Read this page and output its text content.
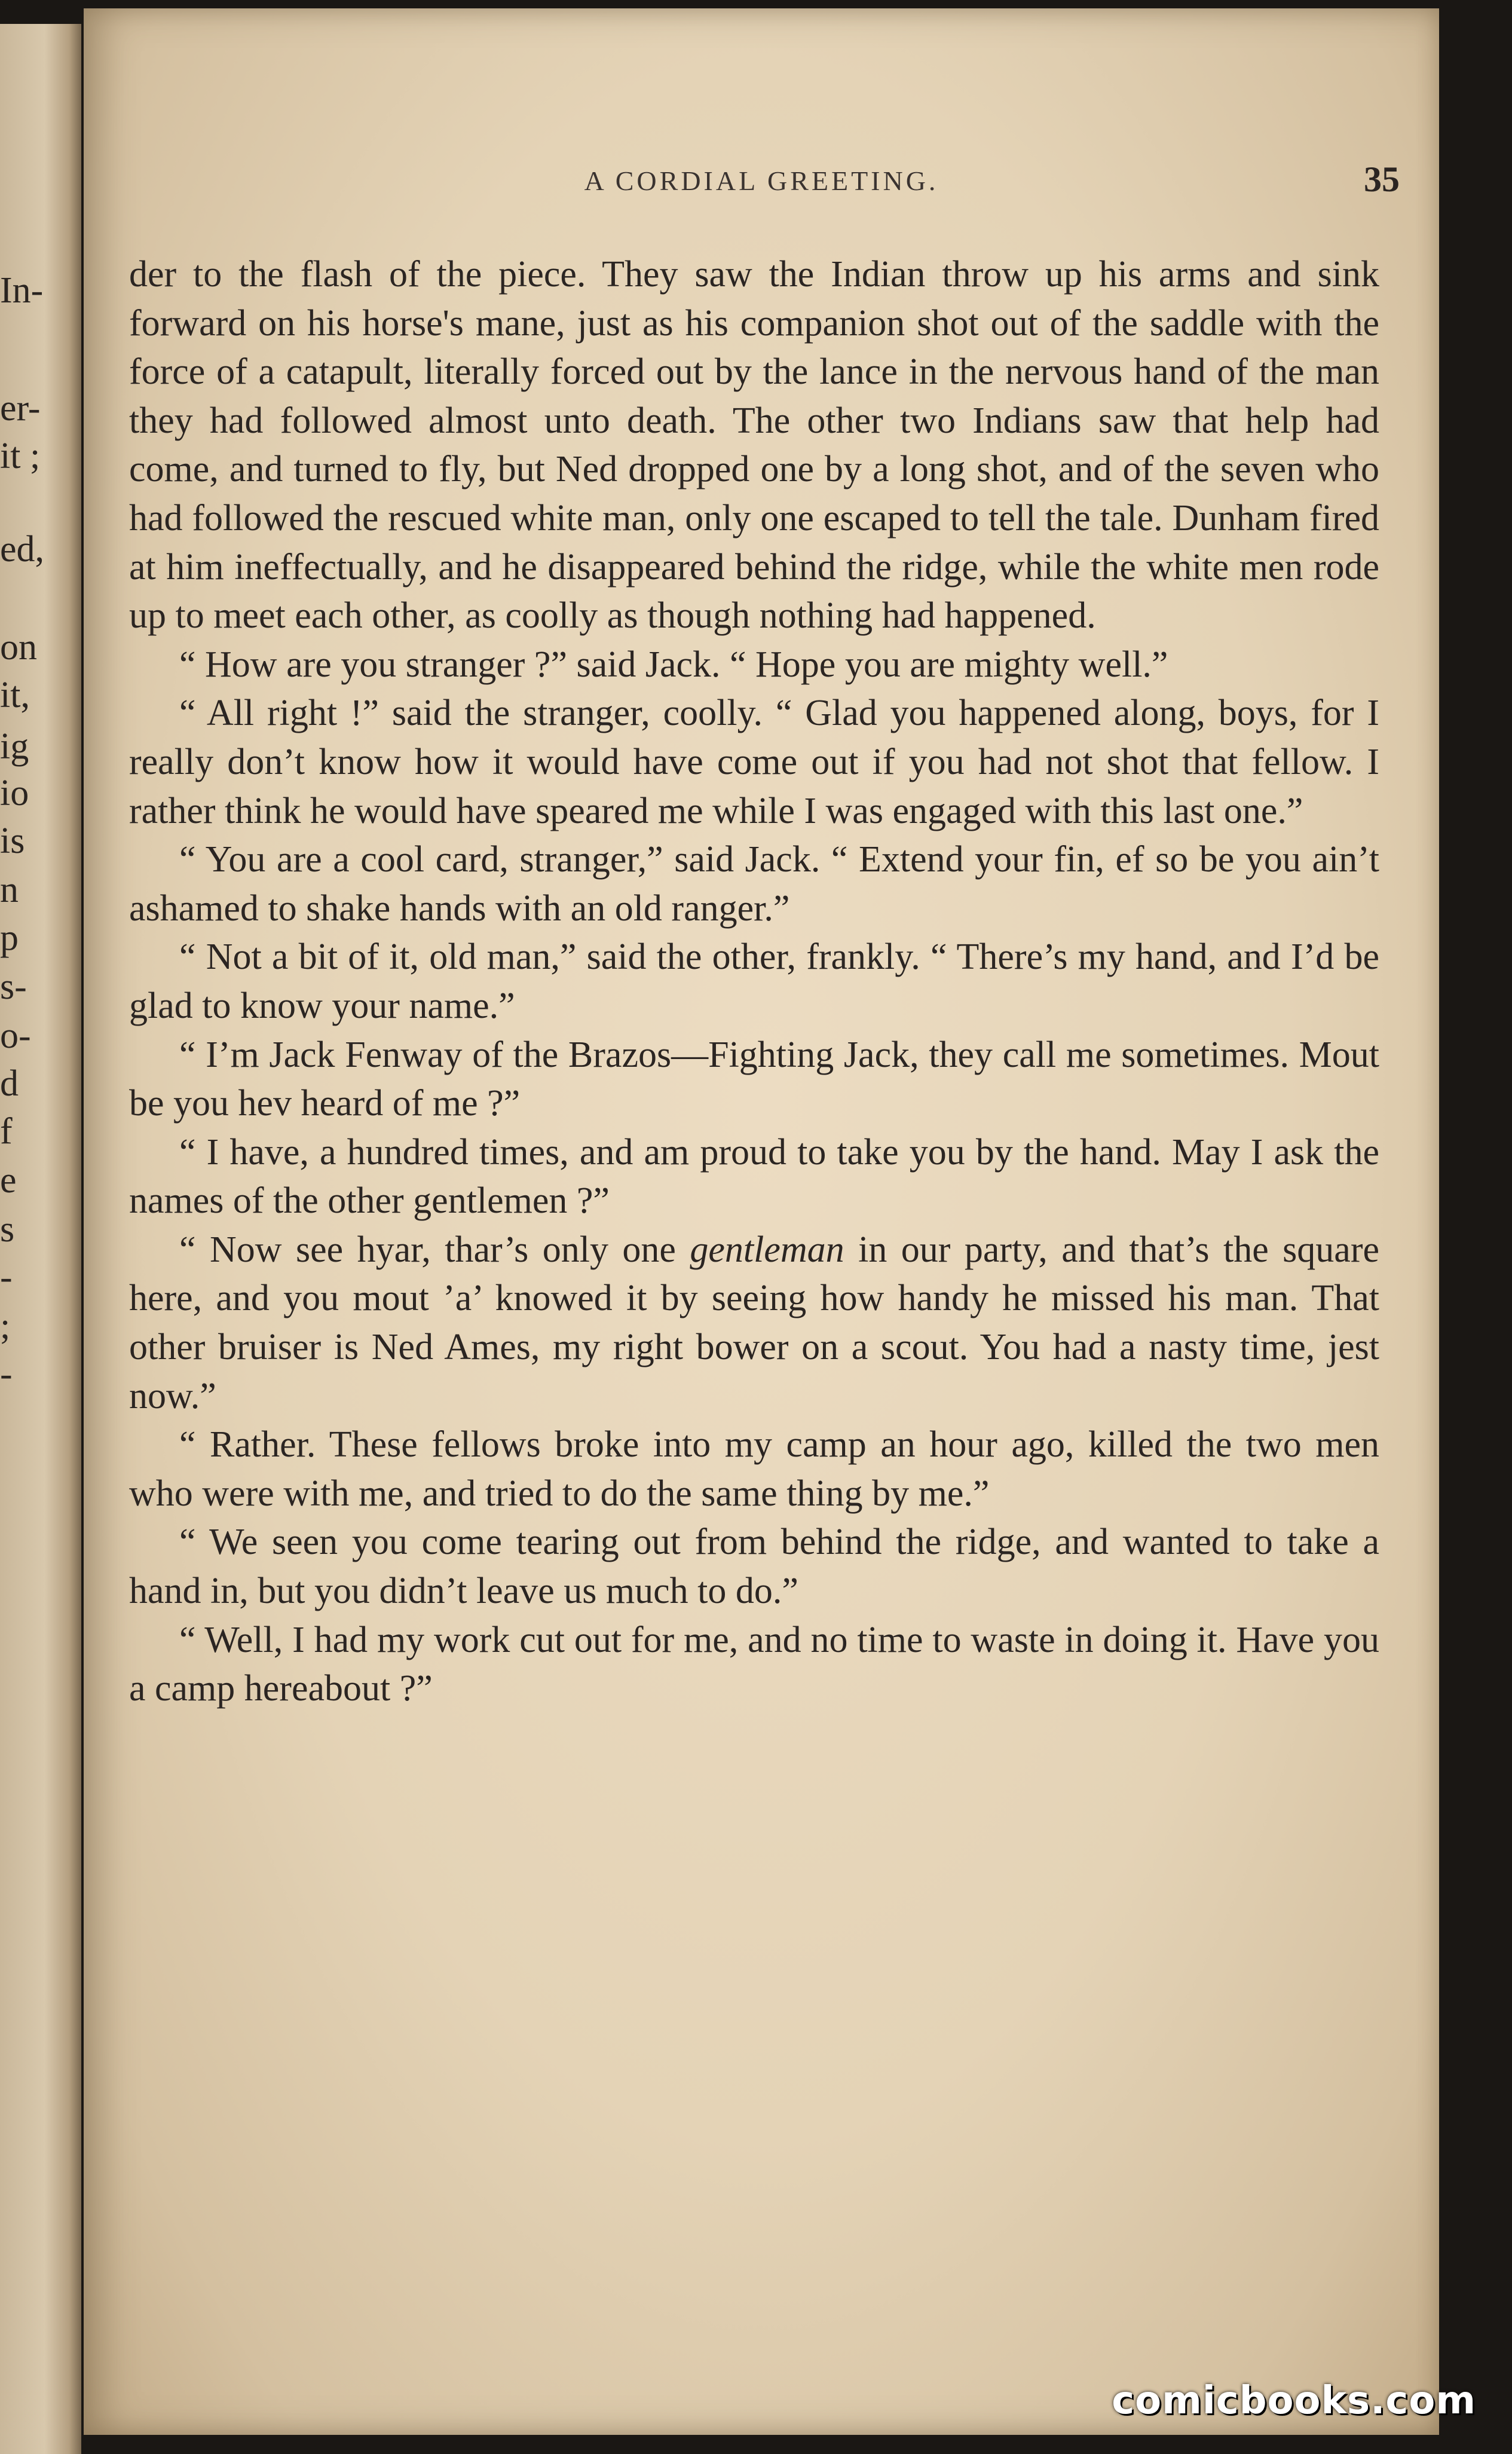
In-
er-
it ;
ed,
on
it,
ig
io
is
n
p
s-
o-
d
f
e
s
-
;
-
A CORDIAL GREETING.	35

der to the flash of the piece. They saw the Indian throw up his arms and sink forward on his horse's mane, just as his companion shot out of the saddle with the force of a catapult, literally forced out by the lance in the nervous hand of the man they had followed almost unto death. The other two Indians saw that help had come, and turned to fly, but Ned dropped one by a long shot, and of the seven who had followed the rescued white man, only one escaped to tell the tale. Dunham fired at him ineffectually, and he disappeared behind the ridge, while the white men rode up to meet each other, as coolly as though nothing had happened.

“ How are you stranger ?” said Jack. “ Hope you are mighty well.”

“ All right !” said the stranger, coolly. “ Glad you happened along, boys, for I really don’t know how it would have come out if you had not shot that fellow. I rather think he would have speared me while I was engaged with this last one.”

“ You are a cool card, stranger,” said Jack. “ Extend your fin, ef so be you ain’t ashamed to shake hands with an old ranger.”

“ Not a bit of it, old man,” said the other, frankly. “ There’s my hand, and I’d be glad to know your name.”

“ I’m Jack Fenway of the Brazos—Fighting Jack, they call me sometimes. Mout be you hev heard of me ?”

“ I have, a hundred times, and am proud to take you by the hand. May I ask the names of the other gentlemen ?”

“ Now see hyar, thar’s only one gentleman in our party, and that’s the square here, and you mout ’a’ knowed it by seeing how handy he missed his man. That other bruiser is Ned Ames, my right bower on a scout. You had a nasty time, jest now.”

“ Rather. These fellows broke into my camp an hour ago, killed the two men who were with me, and tried to do the same thing by me.”

“ We seen you come tearing out from behind the ridge, and wanted to take a hand in, but you didn’t leave us much to do.”

“ Well, I had my work cut out for me, and no time to waste in doing it. Have you a camp hereabout ?”

comicbooks.com
